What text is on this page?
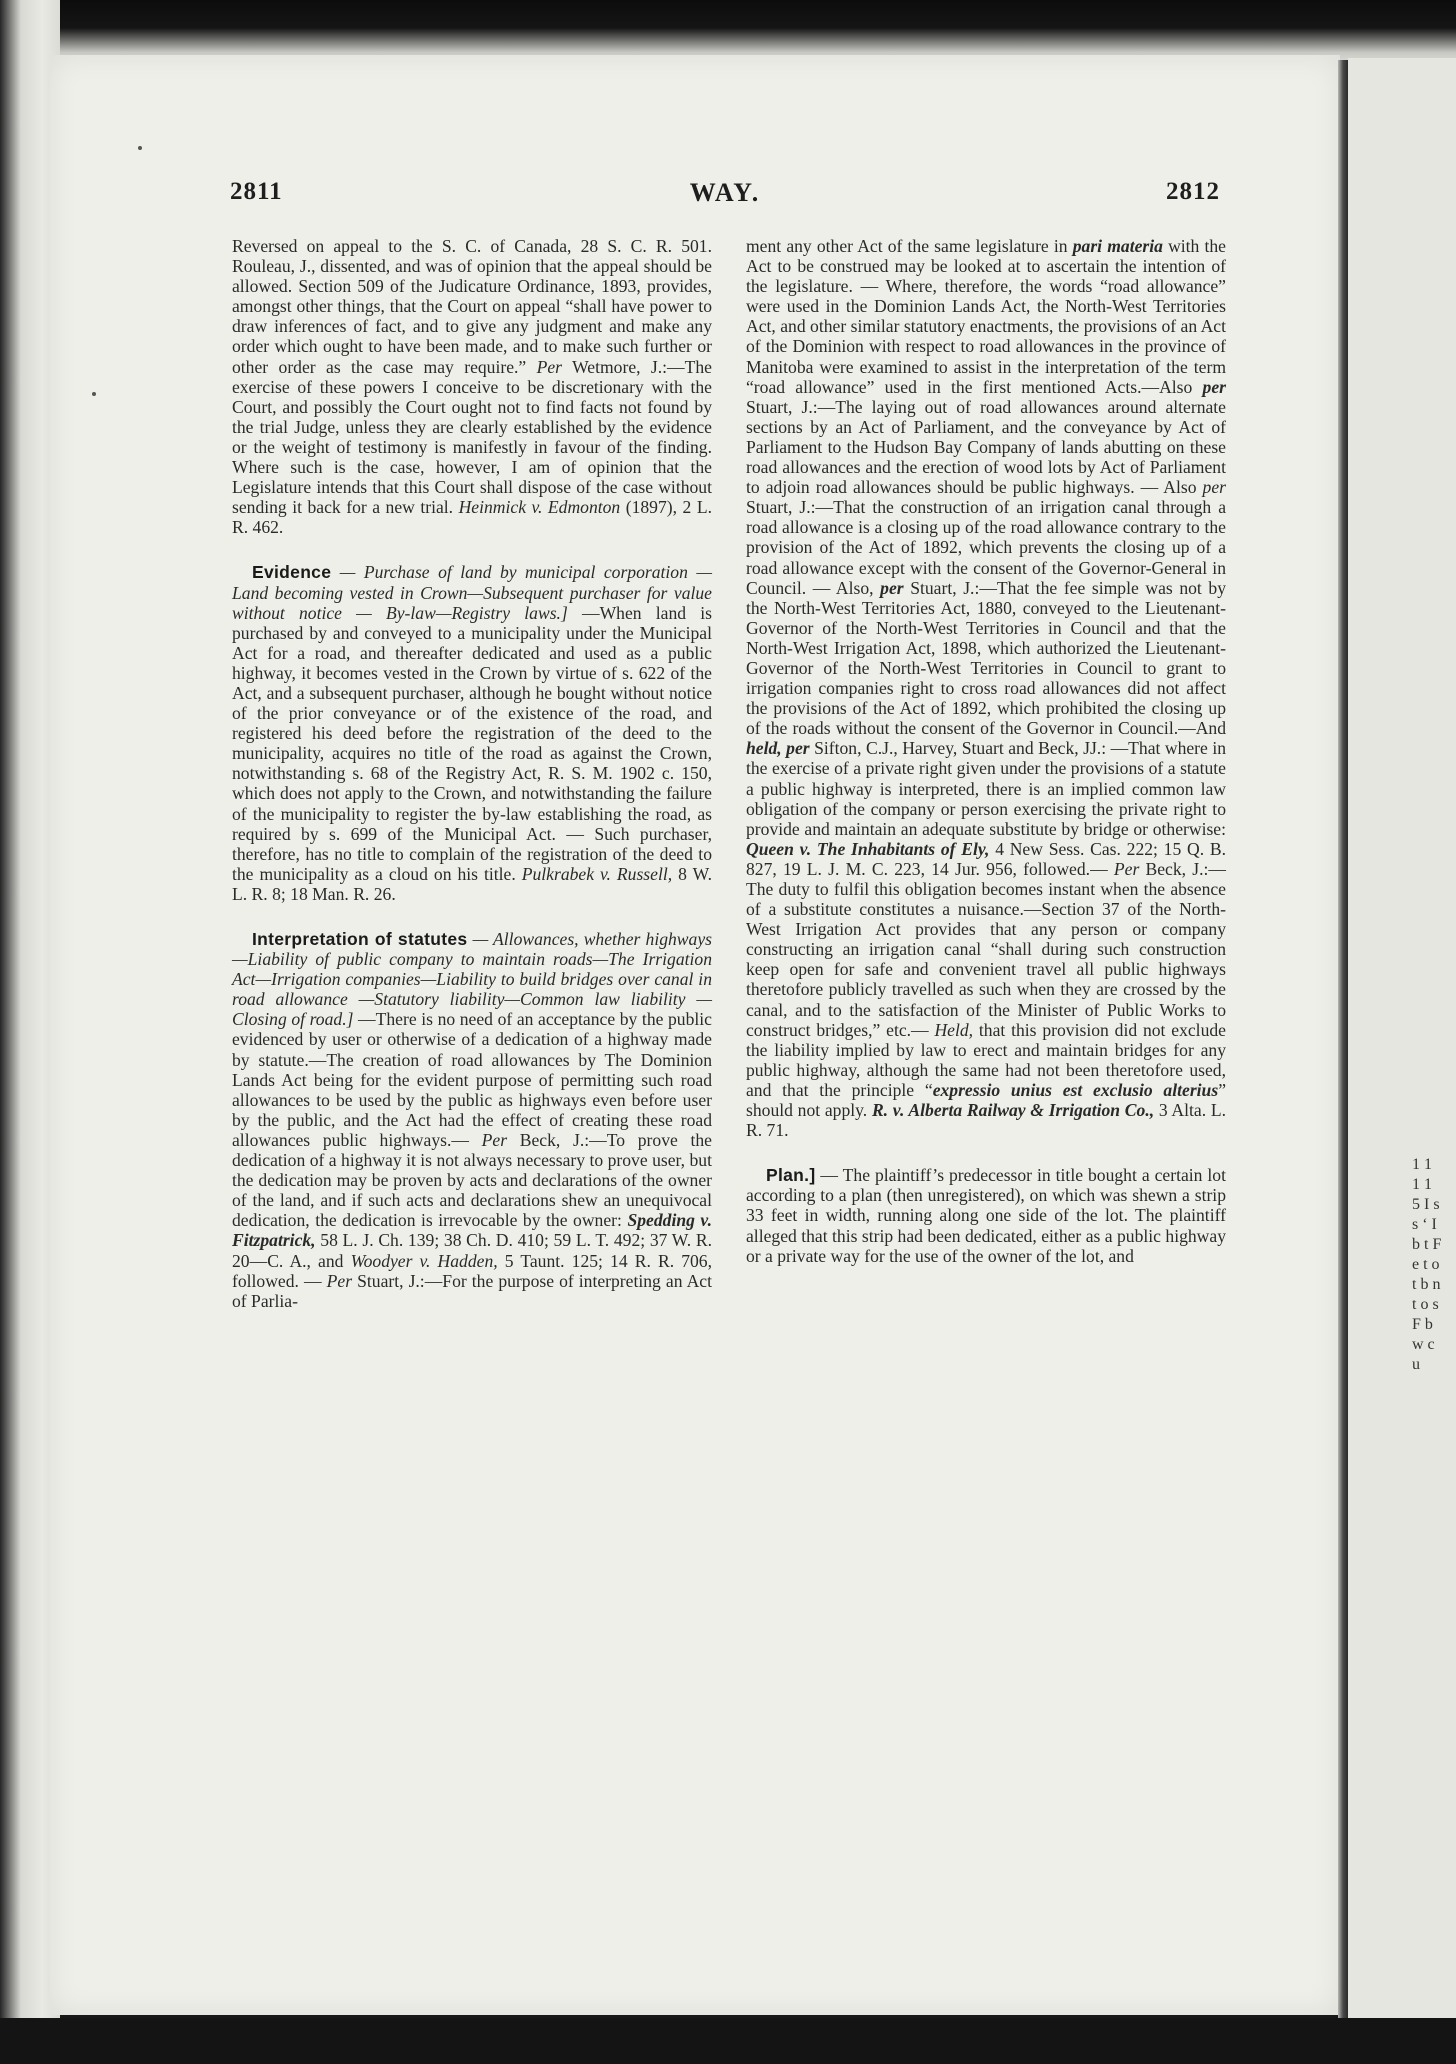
2811	WAY.	2812

Reversed on appeal to the S. C. of Canada, 28 S. C. R. 501. Rouleau, J., dissented, and was of opinion that the appeal should be allowed. Section 509 of the Judicature Ordinance, 1893, provides, amongst other things, that the Court on appeal “shall have power to draw inferences of fact, and to give any judgment and make any order which ought to have been made, and to make such further or other order as the case may require.” Per Wetmore, J.:—The exercise of these powers I conceive to be discretionary with the Court, and possibly the Court ought not to find facts not found by the trial Judge, unless they are clearly established by the evidence or the weight of testimony is manifestly in favour of the finding. Where such is the case, however, I am of opinion that the Legislature intends that this Court shall dispose of the case without sending it back for a new trial. Heinmick v. Edmonton (1897), 2 L. R. 462.

Evidence — Purchase of land by municipal corporation — Land becoming vested in Crown—Subsequent purchaser for value without notice — By-law—Registry laws.] —When land is purchased by and conveyed to a municipality under the Municipal Act for a road, and thereafter dedicated and used as a public highway, it becomes vested in the Crown by virtue of s. 622 of the Act, and a subsequent purchaser, although he bought without notice of the prior conveyance or of the existence of the road, and registered his deed before the registration of the deed to the municipality, acquires no title of the road as against the Crown, notwithstanding s. 68 of the Registry Act, R. S. M. 1902 c. 150, which does not apply to the Crown, and notwithstanding the failure of the municipality to register the by-law establishing the road, as required by s. 699 of the Municipal Act. — Such purchaser, therefore, has no title to complain of the registration of the deed to the municipality as a cloud on his title. Pulkrabek v. Russell, 8 W. L. R. 8; 18 Man. R. 26.

Interpretation of statutes — Allowances, whether highways—Liability of public company to maintain roads—The Irrigation Act—Irrigation companies—Liability to build bridges over canal in road allowance —Statutory liability—Common law liability —Closing of road.] —There is no need of an acceptance by the public evidenced by user or otherwise of a dedication of a highway made by statute.—The creation of road allowances by The Dominion Lands Act being for the evident purpose of permitting such road allowances to be used by the public as highways even before user by the public, and the Act had the effect of creating these road allowances public highways.— Per Beck, J.:—To prove the dedication of a highway it is not always necessary to prove user, but the dedication may be proven by acts and declarations of the owner of the land, and if such acts and declarations shew an unequivocal dedication, the dedication is irrevocable by the owner: Spedding v. Fitzpatrick, 58 L. J. Ch. 139; 38 Ch. D. 410; 59 L. T. 492; 37 W. R. 20—C. A., and Woodyer v. Hadden, 5 Taunt. 125; 14 R. R. 706, followed. — Per Stuart, J.:—For the purpose of interpreting an Act of Parlia-

ment any other Act of the same legislature in pari materia with the Act to be construed may be looked at to ascertain the intention of the legislature. — Where, therefore, the words “road allowance” were used in the Dominion Lands Act, the North-West Territories Act, and other similar statutory enactments, the provisions of an Act of the Dominion with respect to road allowances in the province of Manitoba were examined to assist in the interpretation of the term “road allowance” used in the first mentioned Acts.—Also per Stuart, J.:—The laying out of road allowances around alternate sections by an Act of Parliament, and the conveyance by Act of Parliament to the Hudson Bay Company of lands abutting on these road allowances and the erection of wood lots by Act of Parliament to adjoin road allowances should be public highways. — Also per Stuart, J.:—That the construction of an irrigation canal through a road allowance is a closing up of the road allowance contrary to the provision of the Act of 1892, which prevents the closing up of a road allowance except with the consent of the Governor-General in Council. — Also, per Stuart, J.:—That the fee simple was not by the North-West Territories Act, 1880, conveyed to the Lieutenant-Governor of the North-West Territories in Council and that the North-West Irrigation Act, 1898, which authorized the Lieutenant-Governor of the North-West Territories in Council to grant to irrigation companies right to cross road allowances did not affect the provisions of the Act of 1892, which prohibited the closing up of the roads without the consent of the Governor in Council.—And held, per Sifton, C.J., Harvey, Stuart and Beck, JJ.: —That where in the exercise of a private right given under the provisions of a statute a public highway is interpreted, there is an implied common law obligation of the company or person exercising the private right to provide and maintain an adequate substitute by bridge or otherwise: Queen v. The Inhabitants of Ely, 4 New Sess. Cas. 222; 15 Q. B. 827, 19 L. J. M. C. 223, 14 Jur. 956, followed.— Per Beck, J.:—The duty to fulfil this obligation becomes instant when the absence of a substitute constitutes a nuisance.—Section 37 of the North-West Irrigation Act provides that any person or company constructing an irrigation canal “shall during such construction keep open for safe and convenient travel all public highways theretofore publicly travelled as such when they are crossed by the canal, and to the satisfaction of the Minister of Public Works to construct bridges,” etc.— Held, that this provision did not exclude the liability implied by law to erect and maintain bridges for any public highway, although the same had not been theretofore used, and that the principle “expressio unius est exclusio alterius” should not apply. R. v. Alberta Railway & Irrigation Co., 3 Alta. L. R. 71.

Plan.] — The plaintiff’s predecessor in title bought a certain lot according to a plan (then unregistered), on which was shewn a strip 33 feet in width, running along one side of the lot. The plaintiff alleged that this strip had been dedicated, either as a public highway or a private way for the use of the owner of the lot, and

1 1 1 1 5 I s s ‘ I b t F e t o t b n t o s F b w c u
